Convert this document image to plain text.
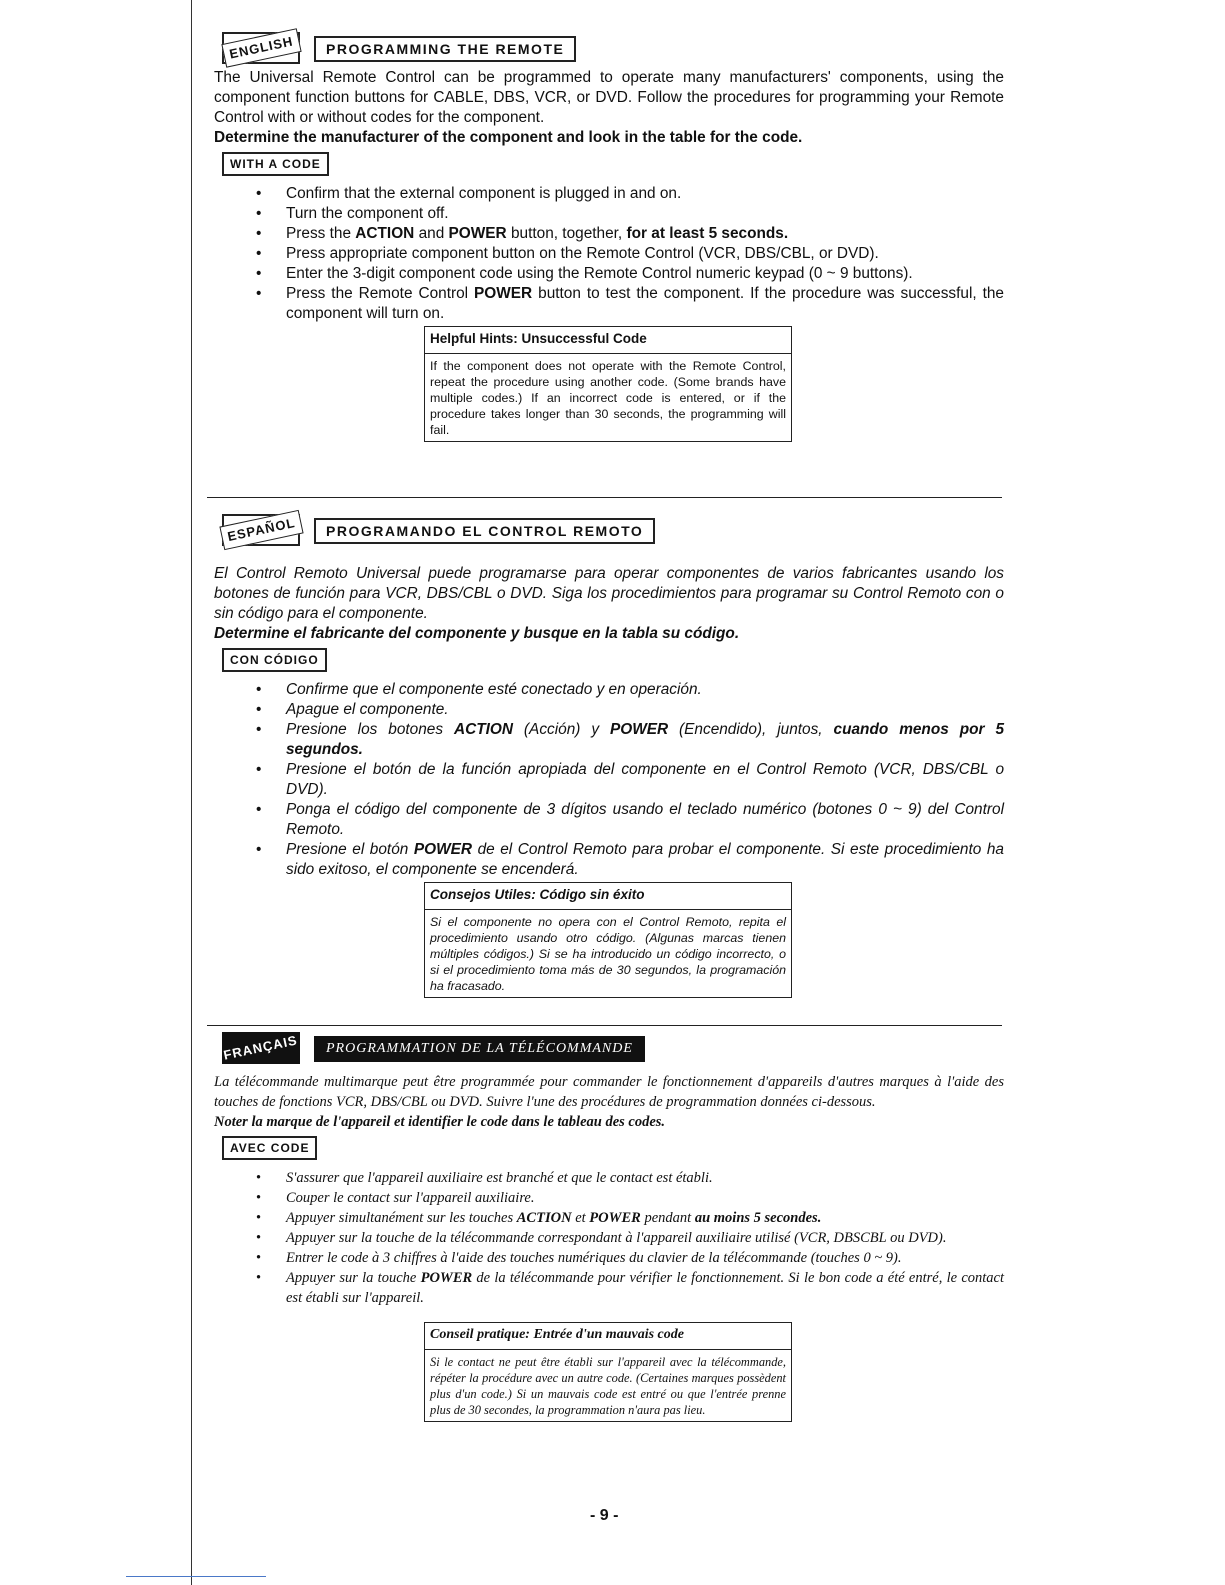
ENGLISH	PROGRAMMING THE REMOTE

The Universal Remote Control can be programmed to operate many manufacturers' components, using the component function buttons for CABLE, DBS, VCR, or DVD. Follow the procedures for programming your Remote Control with or without codes for the component.

Determine the manufacturer of the component and look in the table for the code.

WITH A CODE
• Confirm that the external component is plugged in and on.
• Turn the component off.
• Press the ACTION and POWER button, together, for at least 5 seconds.
• Press appropriate component button on the Remote Control (VCR, DBS/CBL, or DVD).
• Enter the 3-digit component code using the Remote Control numeric keypad (0 ~ 9 buttons).
• Press the Remote Control POWER button to test the component. If the procedure was successful, the component will turn on.
Helpful Hints: Unsuccessful Code
If the component does not operate with the Remote Control, repeat the procedure using another code. (Some brands have multiple codes.) If an incorrect code is entered, or if the procedure takes longer than 30 seconds, the programming will fail.
ESPAÑOL	PROGRAMANDO EL CONTROL REMOTO

El Control Remoto Universal puede programarse para operar componentes de varios fabricantes usando los botones de función para VCR, DBS/CBL o DVD. Siga los procedimientos para programar su Control Remoto con o sin código para el componente.

Determine el fabricante del componente y busque en la tabla su código.

CON CÓDIGO
• Confirme que el componente esté conectado y en operación.
• Apague el componente.
• Presione los botones ACTION (Acción) y POWER (Encendido), juntos, cuando menos por 5 segundos.
• Presione el botón de la función apropiada del componente en el Control Remoto (VCR, DBS/CBL o DVD).
• Ponga el código del componente de 3 dígitos usando el teclado numérico (botones 0 ~ 9) del Control Remoto.
• Presione el botón POWER de el Control Remoto para probar el componente. Si este procedimiento ha sido exitoso, el componente se encenderá.
Consejos Utiles: Código sin éxito
Si el componente no opera con el Control Remoto, repita el procedimiento usando otro código. (Algunas marcas tienen múltiples códigos.) Si se ha introducido un código incorrecto, o si el procedimiento toma más de 30 segundos, la programación ha fracasado.
FRANÇAIS	PROGRAMMATION DE LA TÉLÉCOMMANDE

La télécommande multimarque peut être programmée pour commander le fonctionnement d'appareils d'autres marques à l'aide des touches de fonctions VCR, DBS/CBL ou DVD. Suivre l'une des procédures de programmation données ci-dessous.

Noter la marque de l'appareil et identifier le code dans le tableau des codes.

AVEC CODE
• S'assurer que l'appareil auxiliaire est branché et que le contact est établi.
• Couper le contact sur l'appareil auxiliaire.
• Appuyer simultanément sur les touches ACTION et POWER pendant au moins 5 secondes.
• Appuyer sur la touche de la télécommande correspondant à l'appareil auxiliaire utilisé (VCR, DBSCBL ou DVD).
• Entrer le code à 3 chiffres à l'aide des touches numériques du clavier de la télécommande (touches 0 ~ 9).
• Appuyer sur la touche POWER de la télécommande pour vérifier le fonctionnement. Si le bon code a été entré, le contact est établi sur l'appareil.
Conseil pratique: Entrée d'un mauvais code
Si le contact ne peut être établi sur l'appareil avec la télécommande, répéter la procédure avec un autre code. (Certaines marques possèdent plus d'un code.) Si un mauvais code est entré ou que l'entrée prenne plus de 30 secondes, la programmation n'aura pas lieu.
- 9 -
